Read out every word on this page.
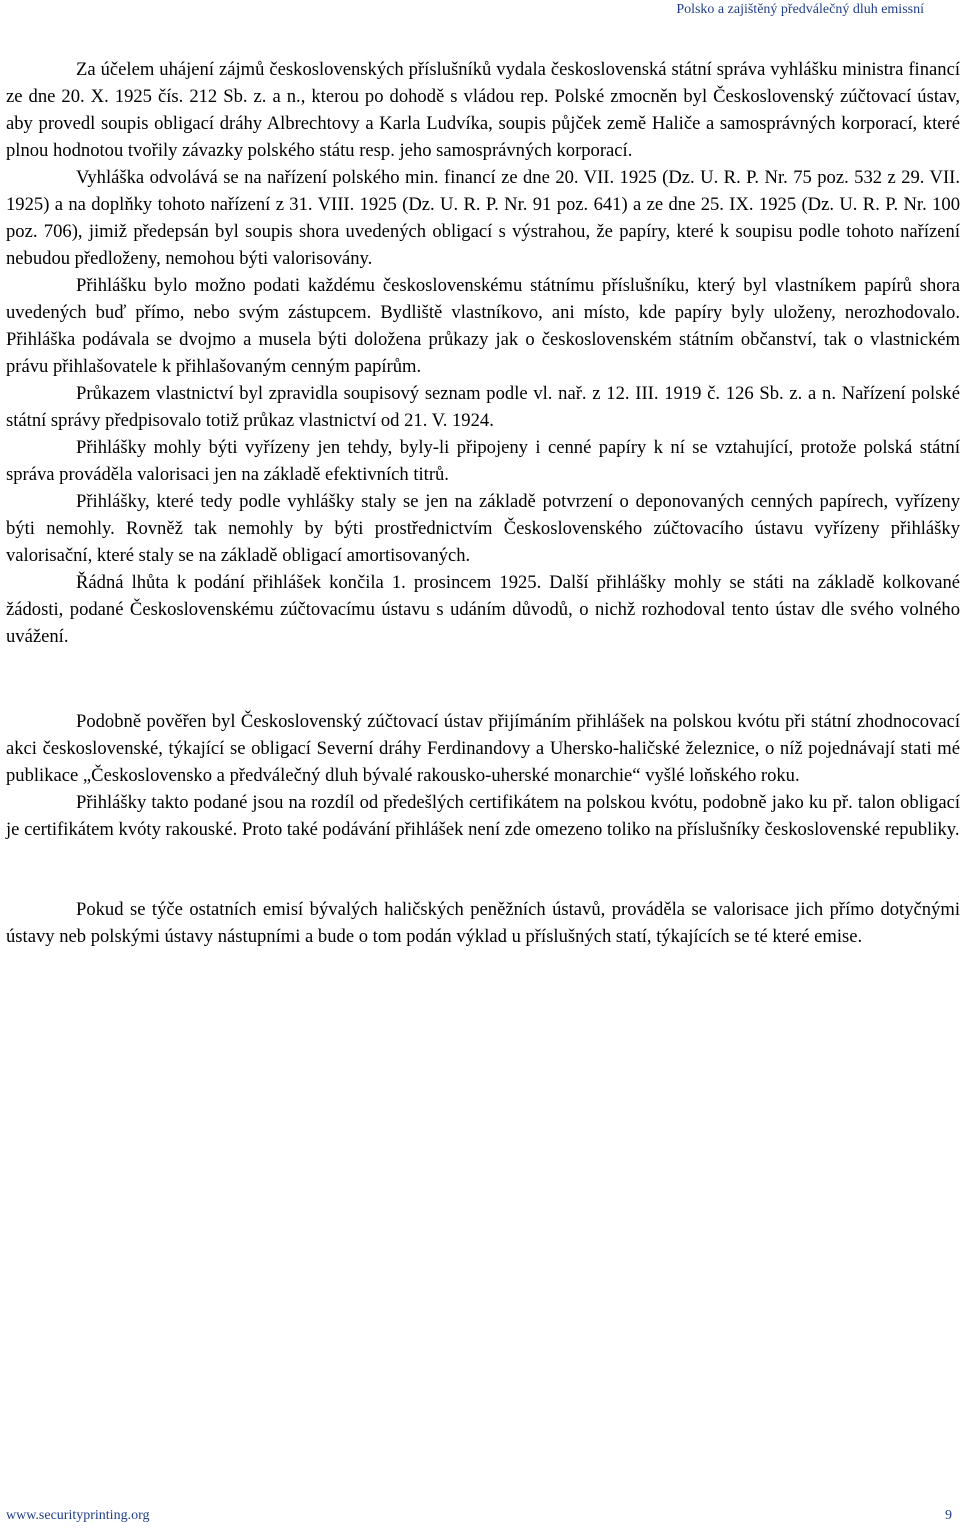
Polsko a zajištěný předválečný dluh emissní

Za účelem uhájení zájmů československých příslušníků vydala československá státní správa vyhlášku ministra financí ze dne 20. X. 1925 čís. 212 Sb. z. a n., kterou po dohodě s vládou rep. Polské zmocněn byl Československý zúčtovací ústav, aby provedl soupis obligací dráhy Albrechtovy a Karla Ludvíka, soupis půjček země Haliče a samosprávných korporací, které plnou hodnotou tvořily závazky polského státu resp. jeho samosprávných korporací.

Vyhláška odvolává se na nařízení polského min. financí ze dne 20. VII. 1925 (Dz. U. R. P. Nr. 75 poz. 532 z 29. VII. 1925) a na doplňky tohoto nařízení z 31. VIII. 1925 (Dz. U. R. P. Nr. 91 poz. 641) a ze dne 25. IX. 1925 (Dz. U. R. P. Nr. 100 poz. 706), jimiž předepsán byl soupis shora uvedených obligací s výstrahou, že papíry, které k soupisu podle tohoto nařízení nebudou předloženy, nemohou býti valorisovány.

Přihlášku bylo možno podati každému československému státnímu příslušníku, který byl vlastníkem papírů shora uvedených buď přímo, nebo svým zástupcem. Bydliště vlastníkovo, ani místo, kde papíry byly uloženy, nerozhodovalo. Přihláška podávala se dvojmo a musela býti doložena průkazy jak o československém státním občanství, tak o vlastnickém právu přihlašovatele k přihlašovaným cenným papírům.

Průkazem vlastnictví byl zpravidla soupisový seznam podle vl. nař. z 12. III. 1919 č. 126 Sb. z. a n. Nařízení polské státní správy předpisovalo totiž průkaz vlastnictví od 21. V. 1924.

Přihlášky mohly býti vyřízeny jen tehdy, byly-li připojeny i cenné papíry k ní se vztahující, protože polská státní správa prováděla valorisaci jen na základě efektivních titrů.

Přihlášky, které tedy podle vyhlášky staly se jen na základě potvrzení o deponovaných cenných papírech, vyřízeny býti nemohly. Rovněž tak nemohly by býti prostřednictvím Československého zúčtovacího ústavu vyřízeny přihlášky valorisační, které staly se na základě obligací amortisovaných.

Řádná lhůta k podání přihlášek končila 1. prosincem 1925. Další přihlášky mohly se státi na základě kolkované žádosti, podané Československému zúčtovacímu ústavu s udáním důvodů, o nichž rozhodoval tento ústav dle svého volného uvážení.

Podobně pověřen byl Československý zúčtovací ústav přijímáním přihlášek na polskou kvótu při státní zhodnocovací akci československé, týkající se obligací Severní dráhy Ferdinandovy a Uhersko-haličské železnice, o níž pojednávají stati mé publikace „Československo a předválečný dluh bývalé rakousko-uherské monarchie“ vyšlé loňského roku.

Přihlášky takto podané jsou na rozdíl od předešlých certifikátem na polskou kvótu, podobně jako ku př. talon obligací je certifikátem kvóty rakouské. Proto také podávání přihlášek není zde omezeno toliko na příslušníky československé republiky.

Pokud se týče ostatních emisí bývalých haličských peněžních ústavů, prováděla se valorisace jich přímo dotyčnými ústavy neb polskými ústavy nástupními a bude o tom podán výklad u příslušných statí, týkajících se té které emise.

www.securityprinting.org	9
